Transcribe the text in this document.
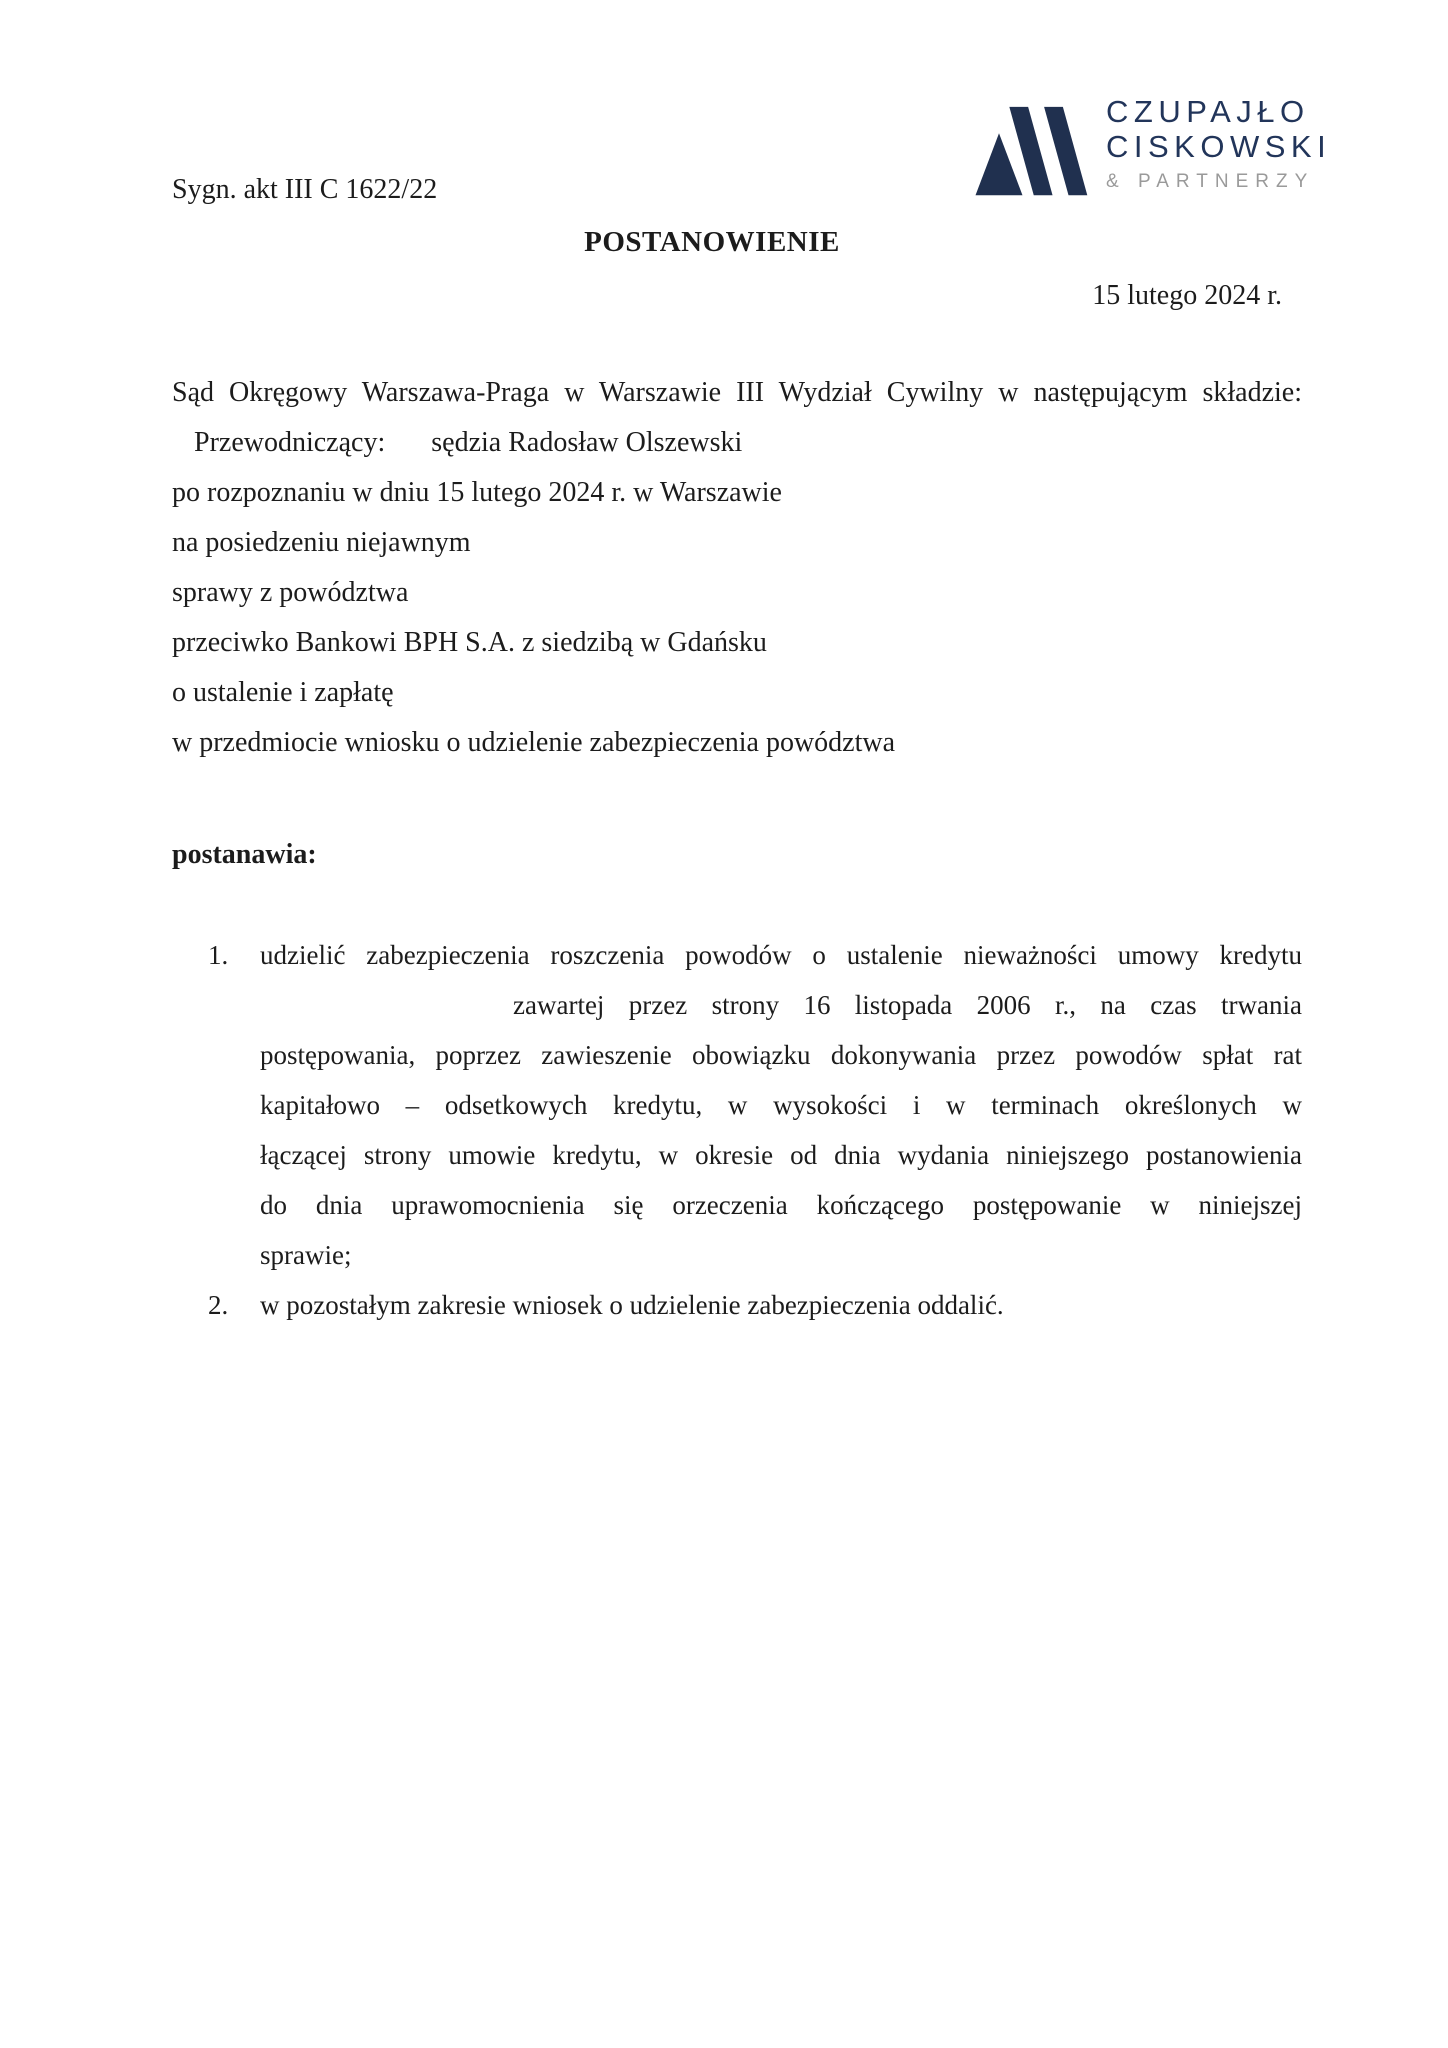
Sygn. akt III C 1622/22
CZUPAJŁO
CISKOWSKI
& PARTNERZY
POSTANOWIENIE
15 lutego 2024 r.
Sąd Okręgowy Warszawa-Praga w Warszawie III Wydział Cywilny w następującym składzie:
Przewodniczący: sędzia Radosław Olszewski
po rozpoznaniu w dniu 15 lutego 2024 r. w Warszawie
na posiedzeniu niejawnym
sprawy z powództwa
przeciwko Bankowi BPH S.A. z siedzibą w Gdańsku
o ustalenie i zapłatę
w przedmiocie wniosku o udzielenie zabezpieczenia powództwa
postanawia:
1. udzielić zabezpieczenia roszczenia powodów o ustalenie nieważności umowy kredytu
zawartej przez strony 16 listopada 2006 r., na czas trwania
postępowania, poprzez zawieszenie obowiązku dokonywania przez powodów spłat rat
kapitałowo – odsetkowych kredytu, w wysokości i w terminach określonych w
łączącej strony umowie kredytu, w okresie od dnia wydania niniejszego postanowienia
do dnia uprawomocnienia się orzeczenia kończącego postępowanie w niniejszej
sprawie;
2. w pozostałym zakresie wniosek o udzielenie zabezpieczenia oddalić.
